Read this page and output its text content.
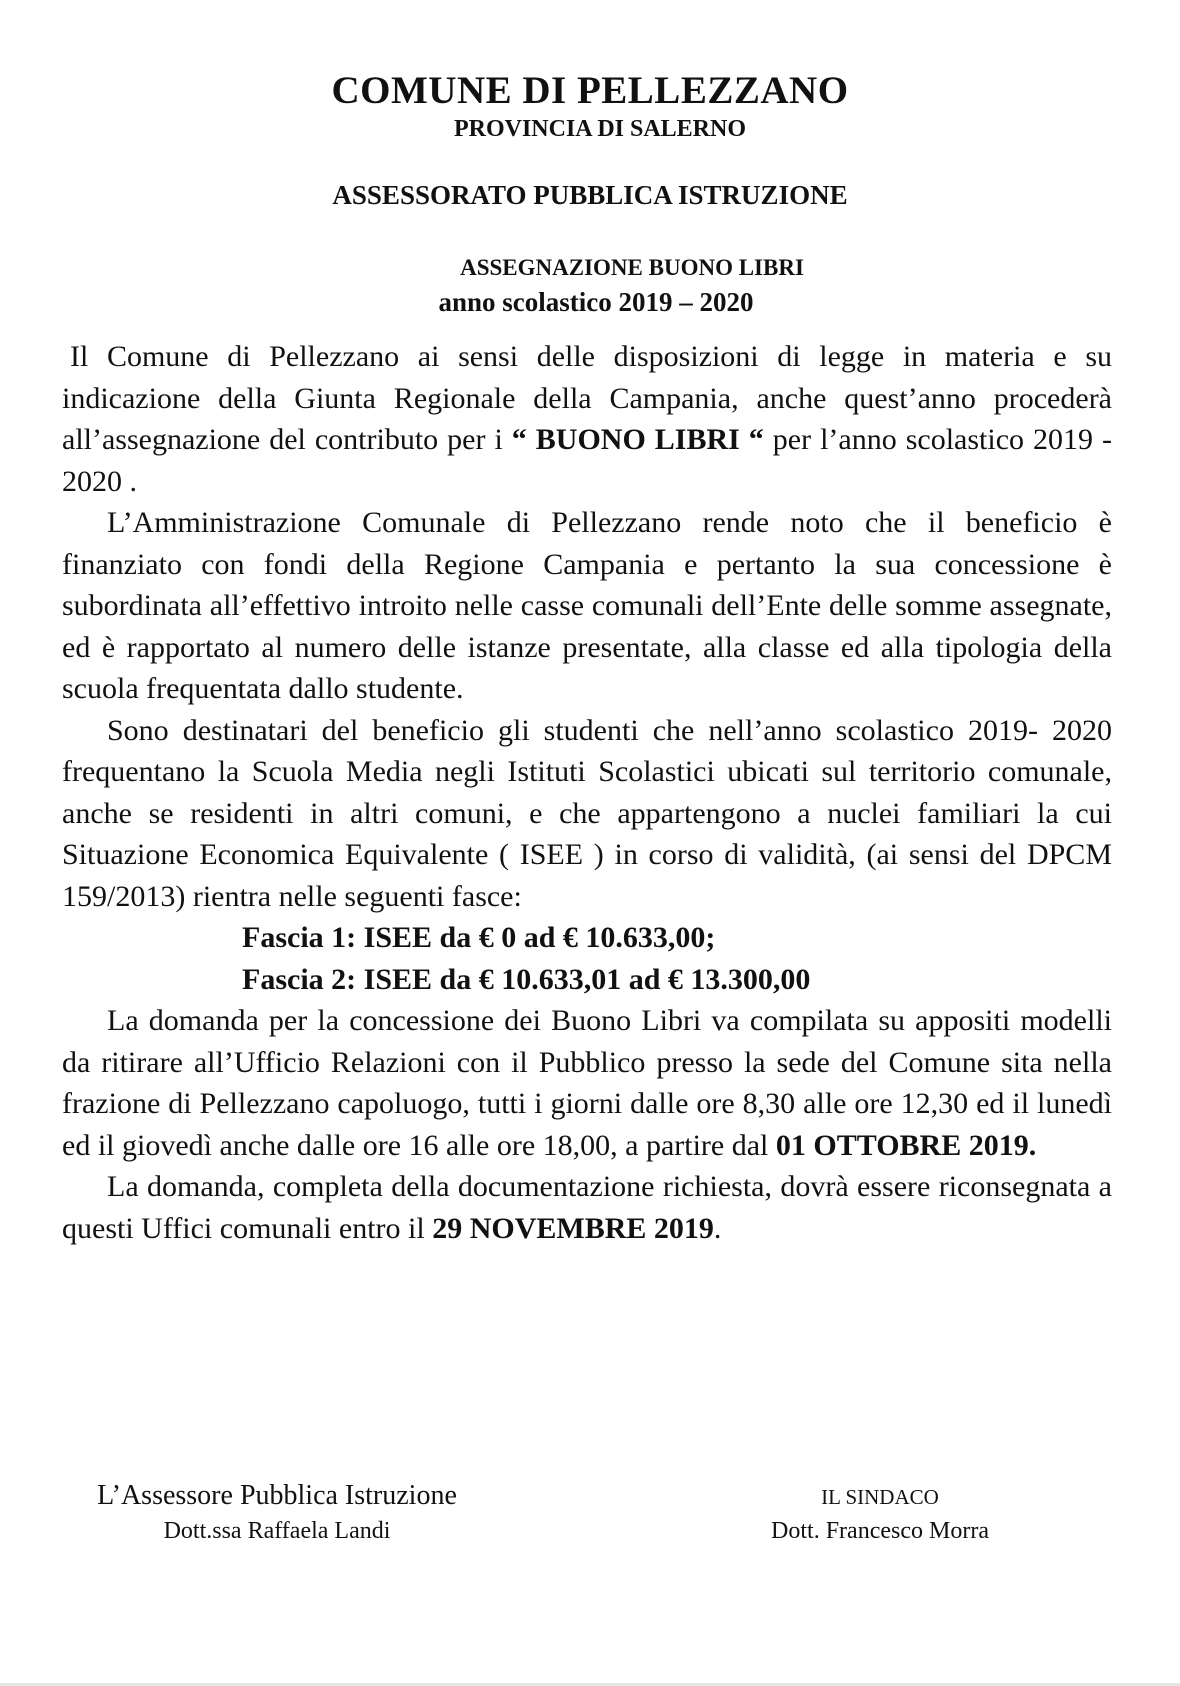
COMUNE DI PELLEZZANO
PROVINCIA DI SALERNO
ASSESSORATO PUBBLICA ISTRUZIONE
ASSEGNAZIONE BUONO LIBRI
anno scolastico 2019 – 2020

Il Comune di Pellezzano ai sensi delle disposizioni di legge in materia e su indicazione della Giunta Regionale della Campania, anche quest’anno procederà all’assegnazione del contributo per i “ BUONO LIBRI “ per l’anno scolastico 2019 - 2020 .

L’Amministrazione Comunale di Pellezzano rende noto che il beneficio è finanziato con fondi della Regione Campania e pertanto la sua concessione è subordinata all’effettivo introito nelle casse comunali dell’Ente delle somme assegnate, ed è rapportato al numero delle istanze presentate, alla classe ed alla tipologia della scuola frequentata dallo studente.

Sono destinatari del beneficio gli studenti che nell’anno scolastico 2019- 2020 frequentano la Scuola Media negli Istituti Scolastici ubicati sul territorio comunale, anche se residenti in altri comuni, e che appartengono a nuclei familiari la cui Situazione Economica Equivalente ( ISEE ) in corso di validità, (ai sensi del DPCM 159/2013) rientra nelle seguenti fasce:

Fascia 1: ISEE da € 0 ad € 10.633,00;

Fascia 2: ISEE da € 10.633,01 ad € 13.300,00

La domanda per la concessione dei Buono Libri va compilata su appositi modelli da ritirare all’Ufficio Relazioni con il Pubblico presso la sede del Comune sita nella frazione di Pellezzano capoluogo, tutti i giorni dalle ore 8,30 alle ore 12,30 ed il lunedì ed il giovedì anche dalle ore 16 alle ore 18,00, a partire dal 01 OTTOBRE 2019.

La domanda, completa della documentazione richiesta, dovrà essere riconsegnata a questi Uffici comunali entro il 29 NOVEMBRE 2019.

L’Assessore Pubblica Istruzione
Dott.ssa Raffaela Landi
IL SINDACO
Dott. Francesco Morra
